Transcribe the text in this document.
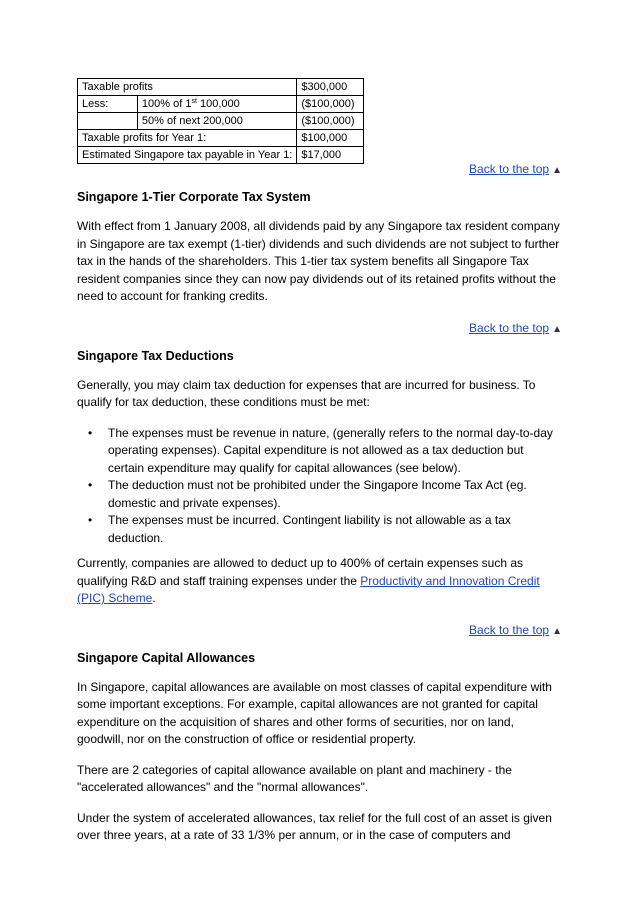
Taxable profits		$300,000
Less:	100% of 1st 100,000	($100,000)
	50% of next 200,000	($100,000)
Taxable profits for Year 1:		$100,000
Estimated Singapore tax payable in Year 1:		$17,000
Back to the top ▲
Singapore 1-Tier Corporate Tax System

With effect from 1 January 2008, all dividends paid by any Singapore tax resident company in Singapore are tax exempt (1-tier) dividends and such dividends are not subject to further tax in the hands of the shareholders. This 1-tier tax system benefits all Singapore Tax resident companies since they can now pay dividends out of its retained profits without the need to account for franking credits.

Back to the top ▲
Singapore Tax Deductions

Generally, you may claim tax deduction for expenses that are incurred for business. To qualify for tax deduction, these conditions must be met:

• The expenses must be revenue in nature, (generally refers to the normal day-to-day operating expenses). Capital expenditure is not allowed as a tax deduction but certain expenditure may qualify for capital allowances (see below).
• The deduction must not be prohibited under the Singapore Income Tax Act (eg. domestic and private expenses).
• The expenses must be incurred. Contingent liability is not allowable as a tax deduction.

Currently, companies are allowed to deduct up to 400% of certain expenses such as qualifying R&D and staff training expenses under the Productivity and Innovation Credit (PIC) Scheme.

Back to the top ▲
Singapore Capital Allowances

In Singapore, capital allowances are available on most classes of capital expenditure with some important exceptions. For example, capital allowances are not granted for capital expenditure on the acquisition of shares and other forms of securities, nor on land, goodwill, nor on the construction of office or residential property.

There are 2 categories of capital allowance available on plant and machinery - the "accelerated allowances" and the "normal allowances".

Under the system of accelerated allowances, tax relief for the full cost of an asset is given over three years, at a rate of 33 1/3% per annum, or in the case of computers and
